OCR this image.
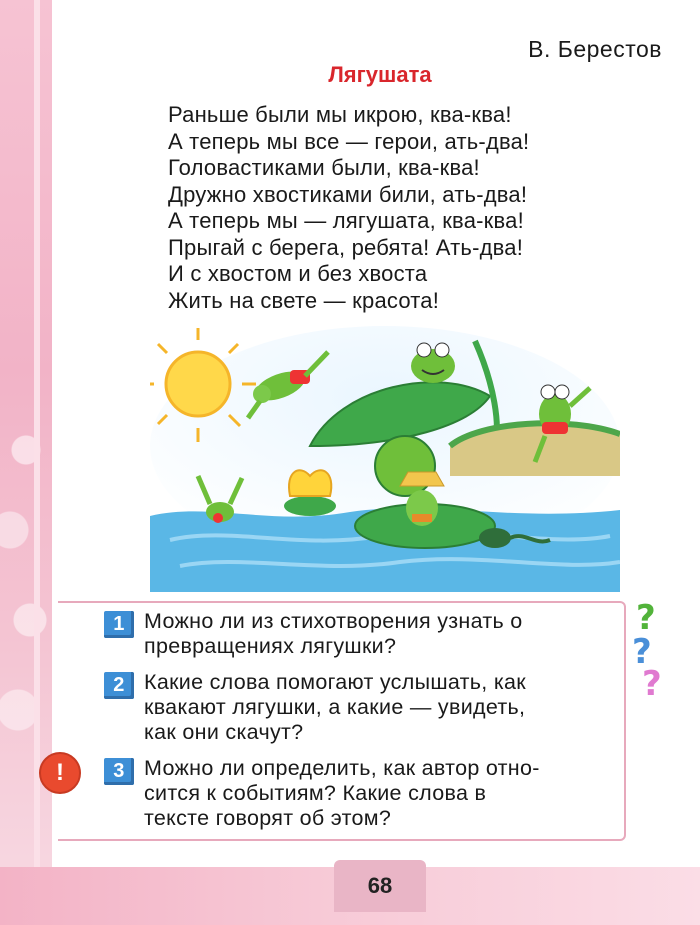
В. Берестов
Лягушата
Раньше были мы икрою, ква-ква!
А теперь мы все — герои, ать-два!
Головастиками были, ква-ква!
Дружно хвостиками били, ать-два!
А теперь мы — лягушата, ква-ква!
Прыгай с берега, ребята! Ать-два!
И с хвостом и без хвоста
Жить на свете — красота!
1 Можно ли из стихотворения узнать о
превращениях лягушки?
2 Какие слова помогают услышать, как
квакают лягушки, а какие — увидеть,
как они скачут?
3 Можно ли определить, как автор отно-
сится к событиям? Какие слова в
тексте говорят об этом?
!
?
?
?
68
